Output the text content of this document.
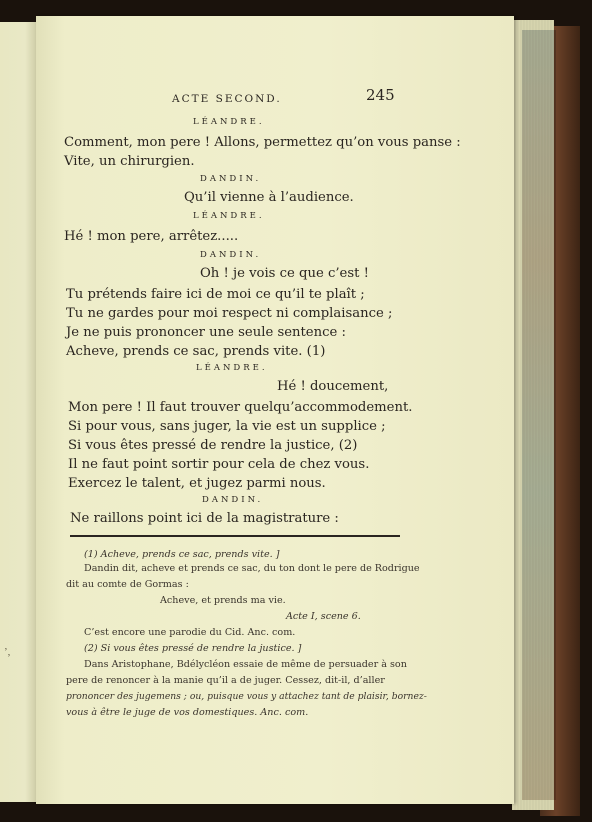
’,
ACTE SECOND.	245
LÉANDRE.
Comment, mon pere ! Allons, permettez qu’on vous panse :
Vite, un chirurgien.
DANDIN.
Qu’il vienne à l’audience.
LÉANDRE.
Hé ! mon pere, arrêtez.....
DANDIN.
Oh ! je vois ce que c’est !
Tu prétends faire ici de moi ce qu’il te plaît ;
Tu ne gardes pour moi respect ni complaisance ;
Je ne puis prononcer une seule sentence :
Acheve, prends ce sac, prends vite. (1)
LÉANDRE.
Hé ! doucement,
Mon pere ! Il faut trouver quelqu’accommodement.
Si pour vous, sans juger, la vie est un supplice ;
Si vous êtes pressé de rendre la justice, (2)
Il ne faut point sortir pour cela de chez vous.
Exercez le talent, et jugez parmi nous.
DANDIN.
Ne raillons point ici de la magistrature :
(1) Acheve, prends ce sac, prends vite. ]
Dandin dit, acheve et prends ce sac, du ton dont le pere de Rodrigue
dit au comte de Gormas :
Acheve, et prends ma vie.
Acte I, scene 6.
C’est encore une parodie du Cid. Anc. com.
(2) Si vous êtes pressé de rendre la justice. ]
Dans Aristophane, Bdélycléon essaie de même de persuader à son
pere de renoncer à la manie qu’il a de juger. Cessez, dit-il, d’aller
prononcer des jugemens ; ou, puisque vous y attachez tant de plaisir, bornez-
vous à être le juge de vos domestiques. Anc. com.
